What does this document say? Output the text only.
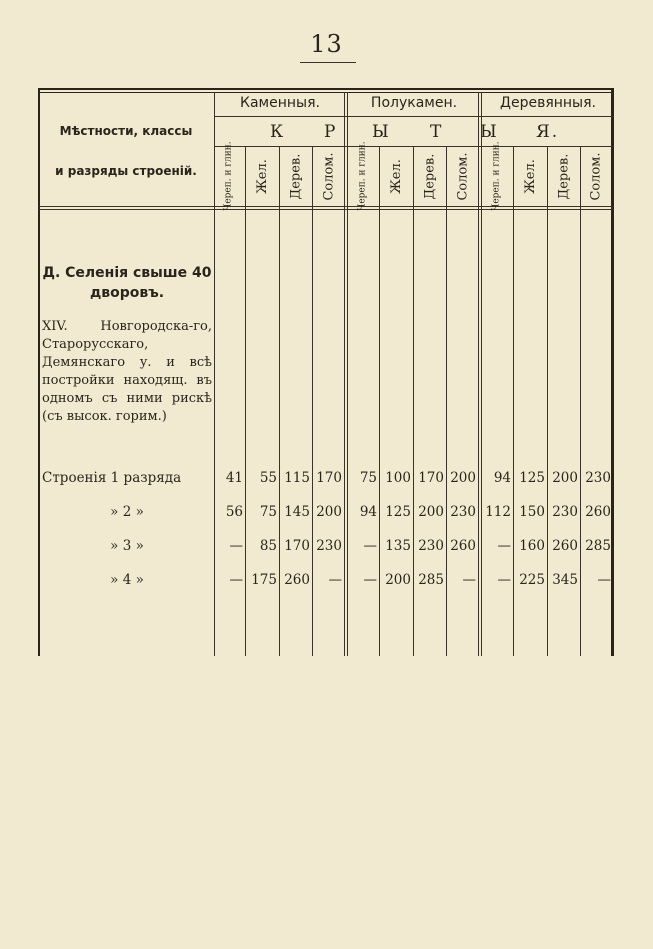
13
Мѣстности, классы
и разряды строеній.
Каменныя.	Полукамен.	Деревянныя.
К Р Ы Т Ы Я.
Череп. и глин. Жел. Дерев. Солом. Череп. и глин. Жел. Дерев. Солом. Череп. и глин. Жел. Дерев. Солом.
Д. Селенія свыше 40 дворовъ.
XIV. Новгородска-го, Старорусскаго, Демянскаго у. и всѣ постройки находящ. въ одномъ съ ними рискѣ (съ высок. горим.)
Строенія 1 разряда	41	55 115 170	75 100 170 200	94 125 200 230
» 2 »	56	75 145 200	94 125 200 230 112 150 230 260
» 3 »	—	85 170 230	— 135 230 260	— 160 260 285
» 4 »	— 175 260	—	— 200 285	—	— 225 345	—
